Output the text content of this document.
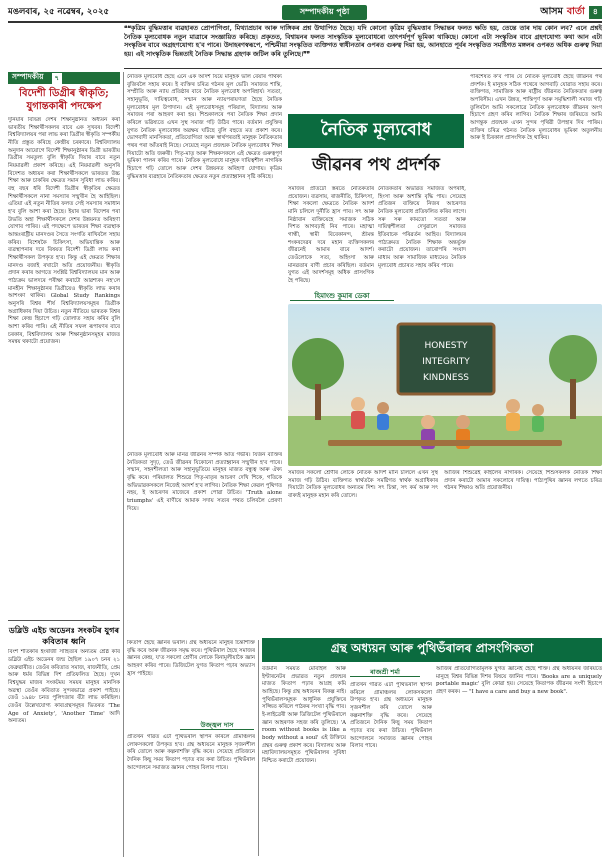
মঙলবাৰ, ২৫ নৱেম্বৰ, ২০২৫	সম্পাদকীয় পৃষ্ঠা	আসম বাৰ্তা	৪
❝❝কৃত্রিম বুদ্ধিমত্তাৰ ব্যৱহাৰত প্ৰোপাগিণ্ডা, মিথ্যাপ্ৰচাৰ আৰু দাঙ্গিকৰ প্ৰশ্ন উত্থাপিত হৈছে। যদি কোনো কৃত্রিম বুদ্ধিমত্তাৰ সিদ্ধান্তৰ ফলত ক্ষতি হয়, তেন্তে তাৰ দায় কোন লব? এনে প্ৰশ্নই নৈতিক মূল্যবোধক নতুন মাত্রাৰে সংজ্ঞায়িত কৰিছে। প্ৰকৃতত, বিশ্বায়নৰ ফলত সাংস্কৃতিক মূল্যবোধৰো তাৎপৰ্যপূৰ্ণ ভূমিকা থাকিছে। কোনো এটা সংস্কৃতিৰ বাবে গ্ৰহণযোগ্য কথা আন এটা সংস্কৃতিৰ বাবে অগ্ৰহণযোগ্য হ'ব পাৰে। উদাহৰণস্বৰূপে, পশ্চিমীয়া সংস্কৃতিত ব্যক্তিগত স্বাধীনতাৰ ওপৰত গুৰুত্ব দিয়া হয়, আনহাতে পূৰ্বৰ সংস্কৃতিত সমষ্টিগত মঙ্গলৰ ওপৰত অধিক গুৰুত্ব দিয়া হয়। এই সাংস্কৃতিক ভিন্নতাই নৈতিক সিদ্ধান্ত গ্ৰহণক জটিল কৰি তুলিছে।❞❞
সম্পাদকীয়	৭
বিদেশী ডিগ্ৰীৰ স্বীকৃতি; যুগান্তকাৰী পদক্ষেপ
দুনিয়াৰ বিভিন্ন দেশৰ শিক্ষানুষ্ঠানত অধ্যয়ন কৰা ভাৰতীয় শিক্ষাৰ্থীসকলৰ বাবে এক সুখবৰ। বিদেশী বিশ্ববিদ্যালয়ৰ পৰা লাভ কৰা ডিগ্ৰীৰ স্বীকৃতি সম্পৰ্কীয় নীতি প্ৰস্তুত কৰিছে কেন্দ্ৰীয় চৰকাৰে। বিশ্ববিদ্যালয় অনুদান আয়োগে বিদেশী শিক্ষানুষ্ঠানৰ ডিগ্ৰী ভাৰতীয় ডিগ্ৰীৰ সমতুল্য বুলি স্বীকৃতি দিয়াৰ বাবে নতুন নিয়মাৱলী প্ৰকাশ কৰিছে। এই নিয়মাৱলী অনুসৰি বিদেশত অধ্যয়ন কৰা শিক্ষাৰ্থীসকলে ভাৰতত উচ্চ শিক্ষা আৰু চাকৰিৰ ক্ষেত্ৰত সমান সুবিধা লাভ কৰিব। বহু বছৰ ধৰি বিদেশী ডিগ্ৰীৰ স্বীকৃতিৰ ক্ষেত্ৰত শিক্ষাৰ্থীসকলে নানা সমস্যাৰ সন্মুখীন হৈ আহিছিল। এতিয়া এই নতুন নীতিৰ ফলত সেই সমস্যাৰ সমাধান হ'ব বুলি আশা কৰা হৈছে। ইয়াৰ দ্বাৰা বিদেশৰ পৰা উভতি অহা শিক্ষাৰ্থীসকলে দেশৰ উন্নয়নত অৰিহণা যোগাব পাৰিব। এই পদক্ষেপে ভাৰতৰ শিক্ষা ব্যৱস্থাক আন্তঃৰাষ্ট্ৰীয় মানদণ্ডৰ সৈতে সংগতি ৰাখিবলৈ সহায় কৰিব। বিশেষকৈ চিকিৎসা, অভিযান্ত্ৰিক আৰু ব্যৱস্থাপনাৰ দৰে বিষয়ত বিদেশী ডিগ্ৰী লাভ কৰা শিক্ষাৰ্থীসকল উপকৃত হ'ব। কিন্তু এই ক্ষেত্ৰত শিক্ষাৰ মানদণ্ড বজাই ৰখাটো অতি প্ৰয়োজনীয়। স্বীকৃতি প্ৰদান কৰাৰ আগতে সংশ্লিষ্ট বিশ্ববিদ্যালয়ৰ মান আৰু পাঠ্যক্ৰম ভালদৰে পৰীক্ষা কৰাটো আৱশ্যক। নহ'লে মানহীন শিক্ষানুষ্ঠানৰ ডিগ্ৰীয়েও স্বীকৃতি লাভ কৰাৰ আশংকা থাকিব। Global Study Rankings অনুসৰি বিশ্বৰ শীৰ্ষ বিশ্ববিদ্যালয়সমূহৰ ডিগ্ৰীক অগ্ৰাধিকাৰ দিয়া উচিত। নতুন নীতিয়ে ভাৰতক বিশ্বৰ শিক্ষা কেন্দ্ৰ হিচাপে গঢ়ি তোলাত সহায় কৰিব বুলি আশা কৰিব পাৰি। এই নীতিৰ সফল ৰূপায়ণৰ বাবে চৰকাৰ, বিশ্ববিদ্যালয় আৰু শিক্ষানুষ্ঠানসমূহৰ মাজত সমন্বয় থকাটো প্ৰয়োজন।
ডব্লিউ এইচ অডেনঃ সংকটৰ যুগৰ কবিতাৰ ধ্বনি
বিংশ শতিকাৰ ইংৰাজী সাহিত্যৰ অন্যতম শ্ৰেষ্ঠ কবি ডব্লিউ এইচ অডেনৰ জন্ম হৈছিল ১৯০৭ চনৰ ২১ ফেব্ৰুৱাৰীত। তেওঁৰ কবিতাত সমাজ, ৰাজনীতি, প্ৰেম আৰু ধৰ্মৰ বিভিন্ন দিশ প্ৰতিফলিত হৈছে। দুখন বিশ্বযুদ্ধৰ মাজৰ সংকটময় সময়ৰ মানুহৰ মানসিক অৱস্থা তেওঁৰ কবিতাত সুন্দৰভাৱে প্ৰকাশ পাইছে। তেওঁ ১৯৪৮ চনত পুলিৎজাৰ বঁটা লাভ কৰিছিল। তেওঁৰ উল্লেখযোগ্য কাব্যগ্ৰন্থসমূহৰ ভিতৰত 'The Age of Anxiety', 'Another Time' আদি অন্যতম।
নৈতিক মূল্যবোধ হৈছে এনে এক আদৰ্শ যিয়ে মানুহক ভাল বেয়াৰ পাৰ্থক্য বুজিবলৈ সহায় কৰে। ই ব্যক্তিৰ চৰিত্ৰ গঠনৰ মূল ভেটি। সমাজত শান্তি, সম্প্ৰীতি আৰু ন্যায় প্ৰতিষ্ঠাৰ বাবে নৈতিক মূল্যবোধ অপৰিহাৰ্য। সততা, সহানুভূতি, দায়িত্ববোধ, সন্মান আৰু ন্যায়পৰায়ণতা হৈছে নৈতিক মূল্যবোধৰ মূল উপাদান। এই মূল্যবোধসমূহ পৰিয়াল, বিদ্যালয় আৰু সমাজৰ পৰা আহৰণ কৰা হয়। শিশুকালৰে পৰা নৈতিক শিক্ষা প্ৰদান কৰিলে ভৱিষ্যতে এখন সুস্থ সমাজ গঢ়ি উঠিব পাৰে। বৰ্তমান প্ৰযুক্তিৰ যুগত নৈতিক মূল্যবোধৰ অৱক্ষয় ঘটিছে বুলি বহুতে মত প্ৰকাশ কৰে। ভোগবাদী মানসিকতা, প্ৰতিযোগিতা আৰু স্বাৰ্থপৰতাই মানুহক নৈতিকতাৰ পথৰ পৰা আঁতৰাই নিছে। সেয়েহে নতুন প্ৰজন্মক নৈতিক মূল্যবোধৰ শিক্ষা দিয়াটো অতি জৰুৰী। পিতৃ-মাতৃ আৰু শিক্ষকসকলে এই ক্ষেত্ৰত গুৰুত্বপূৰ্ণ ভূমিকা পালন কৰিব পাৰে। নৈতিক মূল্যবোধে মানুহক দায়িত্বশীল নাগৰিক হিচাপে গঢ়ি তোলে আৰু দেশৰ উন্নয়নত অৰিহণা যোগায়। কৃত্রিম বুদ্ধিমত্তাৰ ব্যৱহাৰে নৈতিকতাৰ ক্ষেত্ৰত নতুন প্ৰত্যাহ্বানৰ সৃষ্টি কৰিছে।
নৈতিক মূল্যবোধ আৰু মানৱ জীৱনৰ সম্পৰ্ক অতি গভীৰ। যিজন ব্যক্তিৰ নৈতিকতা সুদৃঢ়, তেওঁ জীৱনৰ যিকোনো প্ৰত্যাহ্বানৰ সন্মুখীন হ'ব পাৰে। সন্মান, সহনশীলতা আৰু সহানুভূতিয়ে মানুহৰ মাজত বন্ধুত্ব আৰু ঐক্য বৃদ্ধি কৰে। পৰিয়ালত শিশুৱে পিতৃ-মাতৃৰ আচৰণ দেখি শিকে, গতিকে অভিভাৱকসকলে নিজেই আদৰ্শ হ'ব লাগিব। নৈতিক শিক্ষা কেৱল পুথিগত নহয়, ই আচৰণৰ মাজেৰে প্ৰকাশ পোৱা উচিত। 'Truth alone triumphs' এই বাণীয়ে আমাক সদায় সত্যৰ পথত চলিবলৈ প্ৰেৰণা দিয়ে।
নৈতিক মূল্যবোধ
জীৱনৰ পথ প্ৰদৰ্শক
পৰিশেষত ক'ব পাৰি যে নৈতিক মূল্যবোধ হৈছে জীৱনৰ পথ প্ৰদৰ্শক। ই মানুহক সঠিক পথেৰে আগবাঢ়ি যোৱাত সহায় কৰে। ব্যক্তিগত, সামাজিক আৰু ৰাষ্ট্ৰীয় জীৱনত নৈতিকতাৰ গুৰুত্ব অপৰিসীম। এখন উন্নত, শান্তিপূৰ্ণ আৰু সমৃদ্ধিশালী সমাজ গঢ়ি তুলিবলৈ আমি সকলোৱে নৈতিক মূল্যবোধক জীৱনৰ অংগ হিচাপে গ্ৰহণ কৰিব লাগিব। নৈতিক শিক্ষাৰ জৰিয়তে আমি আগন্তুক প্ৰজন্মক এখন সুন্দৰ পৃথিৱী উপহাৰ দিব পাৰিম। ব্যক্তিৰ চৰিত্ৰ গঠনত নৈতিক মূল্যবোধৰ ভূমিকা অতুলনীয় আৰু ই চিৰকাল প্ৰাসংগিক হৈ থাকিব।
সমাজৰ প্ৰতিটো স্তৰতে নৈতিকতাৰ প্ৰয়োজন। ব্যৱসায়, ৰাজনীতি, চিকিৎসা, শিক্ষা সকলো ক্ষেত্ৰতে নৈতিক আদৰ্শ মানি চলিলে দুৰ্নীতি হ্ৰাস পাব। সৎ আৰু নিষ্ঠাবান ব্যক্তিয়েহে সমাজক সঠিক দিশত আগবঢ়াই নিব পাৰে। মহাত্মা গান্ধী, স্বামী বিবেকানন্দ, শ্ৰীমন্ত শংকৰদেৱৰ দৰে মহান ব্যক্তিসকলৰ জীৱনেই আমাৰ বাবে আদৰ্শ। তেওঁলোকে সত্য, অহিংসা আৰু মানৱতাৰ বাণী প্ৰচাৰ কৰিছিল। বৰ্তমান যুগত এই আদৰ্শসমূহ অধিক প্ৰাসংগিক হৈ পৰিছে।
নৈতিকতাৰ অভাৱত সমাজত অপৰাধ, হিংসা আৰু অশান্তি বৃদ্ধি পায়। সেয়েহে প্ৰতিজন ব্যক্তিয়ে নিজৰ আচৰণত নৈতিক মূল্যবোধ প্ৰতিফলিত কৰিব লাগে। সৰু সৰু কামতো সততা আৰু দায়িত্বশীলতা দেখুৱালে সমাজত ইতিবাচক পৰিৱৰ্তন আহিব। বিদ্যালয়ৰ পাঠ্যক্ৰমত নৈতিক শিক্ষাক অন্তৰ্ভুক্ত কৰাটো প্ৰয়োজন। তাৰোপৰি সংবাদ মাধ্যম আৰু সামাজিক মাধ্যমেও নৈতিক মূল্যবোধ প্ৰচাৰত সহায় কৰিব পাৰে।
হিমাংশু কুমাৰ ডেকা
HONESTY
INTEGRITY
KINDNESS
সমাজৰ সকলো শ্ৰেণীৰ লোকে নৈতিক আদৰ্শ মানি চলিলে এখন সুস্থ সমাজ গঢ়ি উঠিব। ব্যক্তিগত স্বাৰ্থতকৈ সমষ্টিগত স্বাৰ্থক অগ্ৰাধিকাৰ দিয়াটো নৈতিক মূল্যবোধৰ অন্যতম দিশ। সৎ চিন্তা, সৎ কৰ্ম আৰু সৎ বাক্যই মানুহক মহান কৰি তোলে।
আজিৰ শিশুৱেই কাইলৈৰ নাগৰিক। সেয়েহে শিশুসকলক নৈতিক শিক্ষা প্ৰদান কৰাটো আমাৰ সকলোৰে দায়িত্ব। পাঠ্যপুথিৰ জ্ঞানৰ লগতে চৰিত্ৰ গঠনৰ শিক্ষাও অতি প্ৰয়োজনীয়।
গ্ৰন্থ অধ্যয়ন আৰু পুথিভঁৰালৰ প্ৰাসংগিকতা
কিতাপ হৈছে জ্ঞানৰ ভঁৰাল। গ্ৰন্থ অধ্যয়নে মানুহৰ চিন্তাশক্তি বৃদ্ধি কৰে আৰু জীৱনক সমৃদ্ধ কৰে। পুথিভঁৰাল হৈছে সমাজৰ জ্ঞানৰ কেন্দ্ৰ, য'ত সকলো শ্ৰেণীৰ লোকে বিনামূলীয়াকৈ জ্ঞান আহৰণ কৰিব পাৰে। ডিজিটেল যুগত কিতাপ পঢ়াৰ অভ্যাস হ্ৰাস পাইছে।
উজ্জ্বল দাস
প্ৰতিখন গাঁৱত এটা পুথিভঁৰাল স্থাপন কৰিলে গ্ৰামাঞ্চলৰ লোকসকলো উপকৃত হ'ব। গ্ৰন্থ অধ্যয়নে মানুহক সৃজনশীল কৰি তোলে আৰু কল্পনাশক্তি বৃদ্ধি কৰে। সেয়েহে প্ৰতিজনে দৈনিক কিছু সময় কিতাপ পঢ়াত ব্যয় কৰা উচিত। পুথিভঁৰাল আন্দোলনে সমাজত জ্ঞানৰ পোহৰ বিলাব পাৰে।
বৰ্তমান সময়ত মোবাইল আৰু ইণ্টাৰনেটৰ প্ৰভাৱত নতুন প্ৰজন্মৰ মাজত কিতাপ পঢ়াৰ আগ্ৰহ কমি আহিছে। কিন্তু গ্ৰন্থ অধ্যয়নৰ বিকল্প নাই। পুথিভঁৰালসমূহক আধুনিক প্ৰযুক্তিৰে সজ্জিত কৰিলে পাঠকৰ সংখ্যা বৃদ্ধি পাব। ই-লাইব্ৰেৰী আৰু ডিজিটেল পুথিভঁৰালে জ্ঞান আহৰণক সহজ কৰি তুলিছে। 'A room without books is like a body without a soul' এই উক্তিয়ে গ্ৰন্থৰ গুৰুত্ব প্ৰকাশ কৰে। বিদ্যালয় আৰু মহাবিদ্যালয়সমূহত পুথিভঁৰালৰ সুবিধা নিশ্চিত কৰাটো প্ৰয়োজন।
ৰাজশ্ৰী শৰ্মা
প্ৰতিখন গাঁৱত এটা পুথিভঁৰাল স্থাপন কৰিলে গ্ৰামাঞ্চলৰ লোকসকলো উপকৃত হ'ব। গ্ৰন্থ অধ্যয়নে মানুহক সৃজনশীল কৰি তোলে আৰু কল্পনাশক্তি বৃদ্ধি কৰে। সেয়েহে প্ৰতিজনে দৈনিক কিছু সময় কিতাপ পঢ়াত ব্যয় কৰা উচিত। পুথিভঁৰাল আন্দোলনে সমাজত জ্ঞানৰ পোহৰ বিলাব পাৰে।
আজিৰ প্ৰতিযোগিতামূলক যুগত জ্ঞানেই হৈছে শক্তি। গ্ৰন্থ অধ্যয়নৰ জৰিয়তে মানুহে বিশ্বৰ বিভিন্ন দিশৰ বিষয়ে জানিব পাৰে। 'Books are a uniquely portable magic' বুলি কোৱা হয়। সেয়েহে কিতাপক জীৱনৰ সংগী হিচাপে গ্ৰহণ কৰক। — "I have a care and buy a new book".
